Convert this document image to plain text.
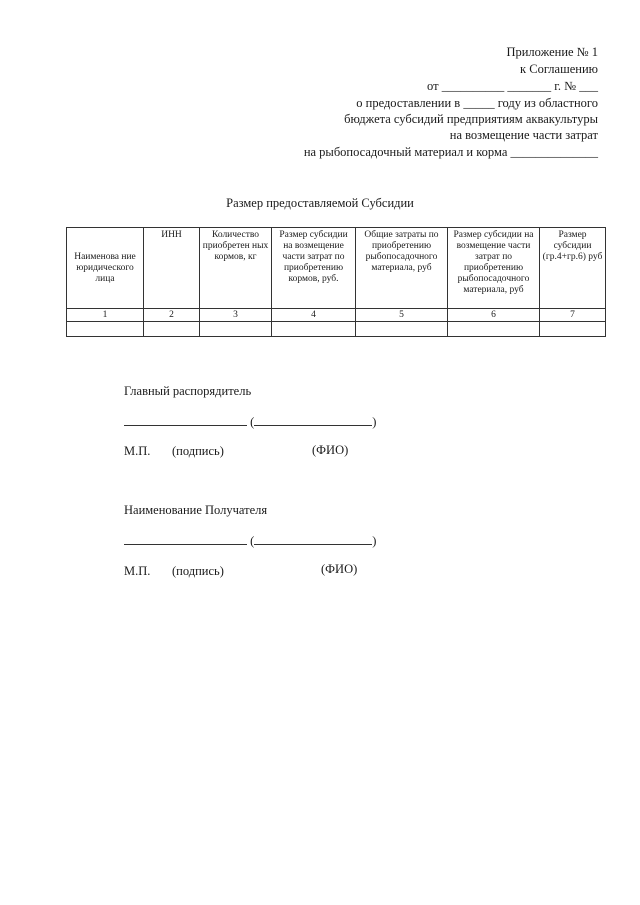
Приложение № 1
к Соглашению
от __________ _______ г. № ___
о предоставлении в _____ году из областного
бюджета субсидий предприятиям аквакультуры
на возмещение части затрат
на рыбопосадочный материал и корма ______________
Размер предоставляемой Субсидии
Наименова ние юридического лица	ИНН	Количество приобретен ных кормов, кг	Размер субсидии на возмещение части затрат по приобретению кормов, руб.	Общие затраты по приобретению рыбопосадочного материала, руб	Размер субсидии на возмещение части затрат по приобретению рыбопосадочного материала, руб	Размер субсидии (гр.4+гр.6) руб
1	2	3	4	5	6	7

Главный распорядитель
(	)
М.П. (подпись)	(ФИО)
Наименование Получателя
(	)
М.П. (подпись)	(ФИО)
